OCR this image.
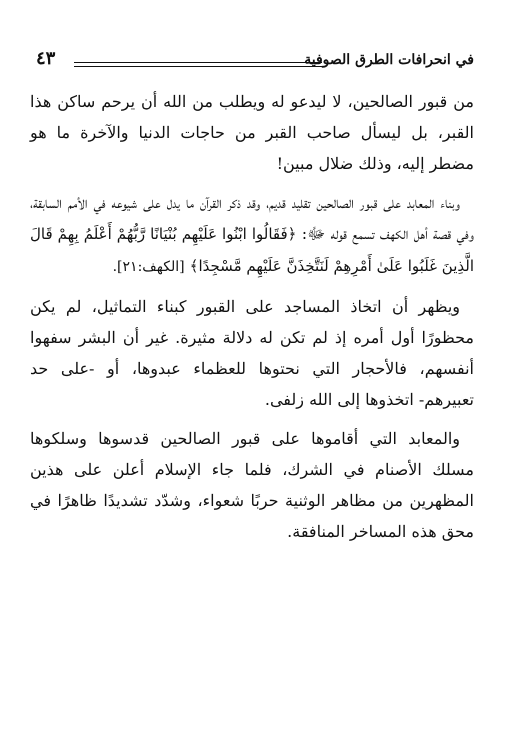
في انحرافات الطرق الصوفية
٤٣

من قبور الصالحين، لا ليدعو له ويطلب من الله أن يرحم ساكن هذا القبر، بل ليسأل صاحب القبر من حاجات الدنيا والآخرة ما هو مضطر إليه، وذلك ضلال مبين!

وبناء المعابد على قبور الصالحين تقليد قديم، وقد ذكر القرآن ما يدل على شيوعه في الأمم السابقة، وفي قصة أهل الكهف تسمع قوله ﷻ: ﴿فَقَالُوا ابْنُوا عَلَيْهِم بُنْيَانًا رَّبُّهُمْ أَعْلَمُ بِهِمْ قَالَ الَّذِينَ غَلَبُوا عَلَىٰ أَمْرِهِمْ لَنَتَّخِذَنَّ عَلَيْهِم مَّسْجِدًا﴾ [الكهف:٢١].

ويظهر أن اتخاذ المساجد على القبور كبناء التماثيل، لم يكن محظورًا أول أمره إذ لم تكن له دلالة مثيرة. غير أن البشر سفهوا أنفسهم، فالأحجار التي نحتوها للعظماء عبدوها، أو -على حد تعبيرهم- اتخذوها إلى الله زلفى.

والمعابد التي أقاموها على قبور الصالحين قدسوها وسلكوها مسلك الأصنام في الشرك، فلما جاء الإسلام أعلن على هذين المظهرين من مظاهر الوثنية حربًا شعواء، وشدّد تشديدًا ظاهرًا في محق هذه المساخر المنافقة.
